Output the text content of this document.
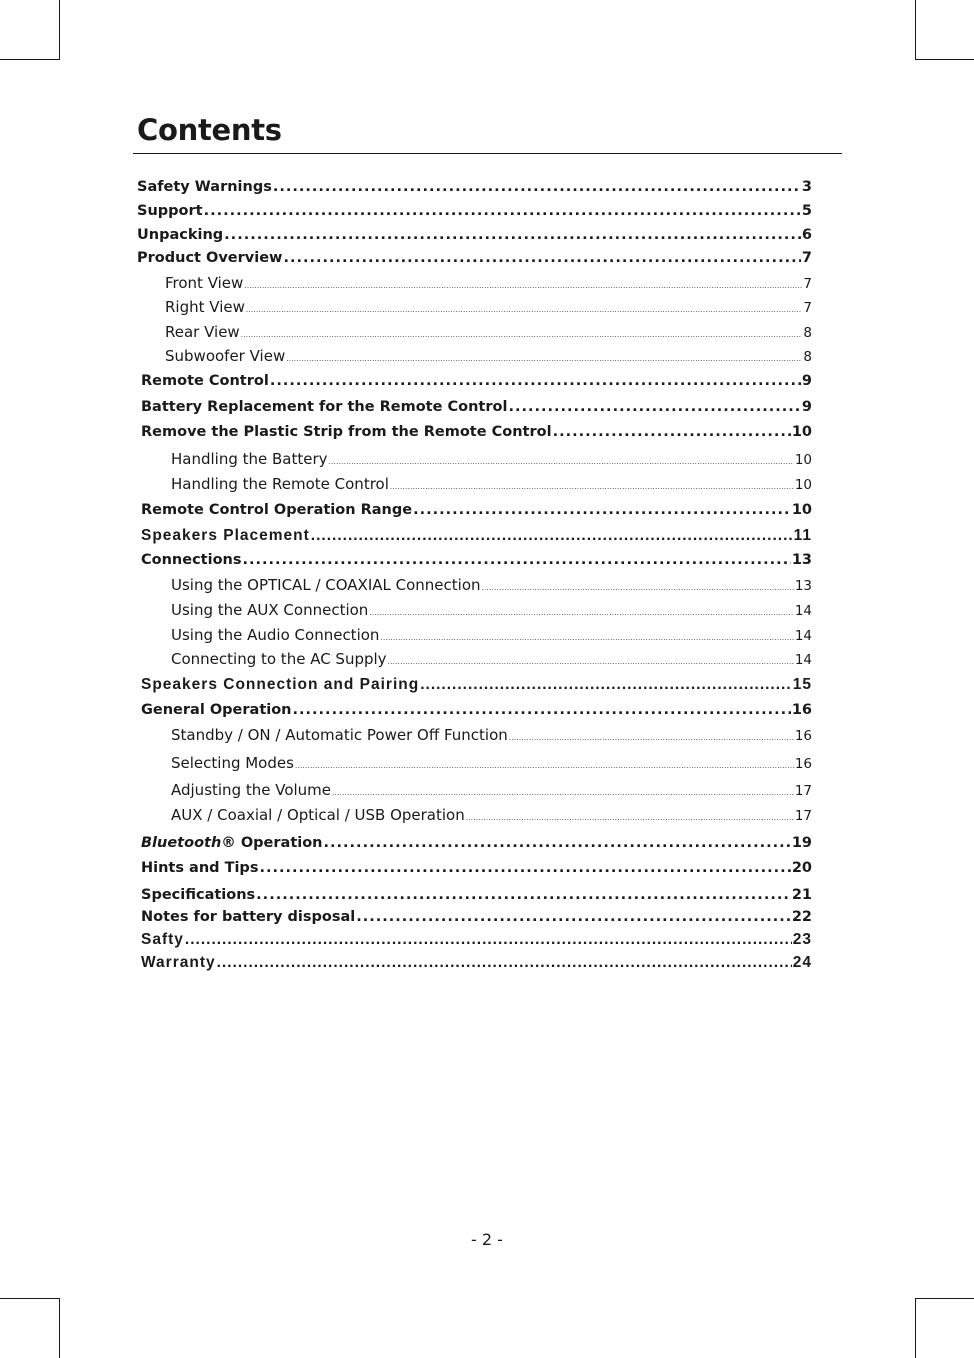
Contents
Safety Warnings .....	3
Support .....	5
Unpacking .....	6
Product Overview .....	7
Front View .....	7
Right View .....	7
Rear View .....	8
Subwoofer View .....	8
Remote Control .....	9
Battery Replacement for the Remote Control .....	9
Remove the Plastic Strip from the Remote Control .....	10
Handling the Battery .....	10
Handling the Remote Control .....	10
Remote Control Operation Range .....	10
Speakers Placement .....	11
Connections .....	13
Using the OPTICAL / COAXIAL Connection .....	13
Using the AUX Connection .....	14
Using the Audio Connection .....	14
Connecting to the AC Supply .....	14
Speakers Connection and Pairing .....	15
General Operation .....	16
Standby / ON / Automatic Power Off Function .....	16
Selecting Modes .....	16
Adjusting the Volume .....	17
AUX / Coaxial / Optical / USB Operation .....	17
Bluetooth® Operation .....	19
Hints and Tips .....	20
Specifications .....	21
Notes for battery disposal .....	22
Safty .....	23
Warranty .....	24
- 2 -
